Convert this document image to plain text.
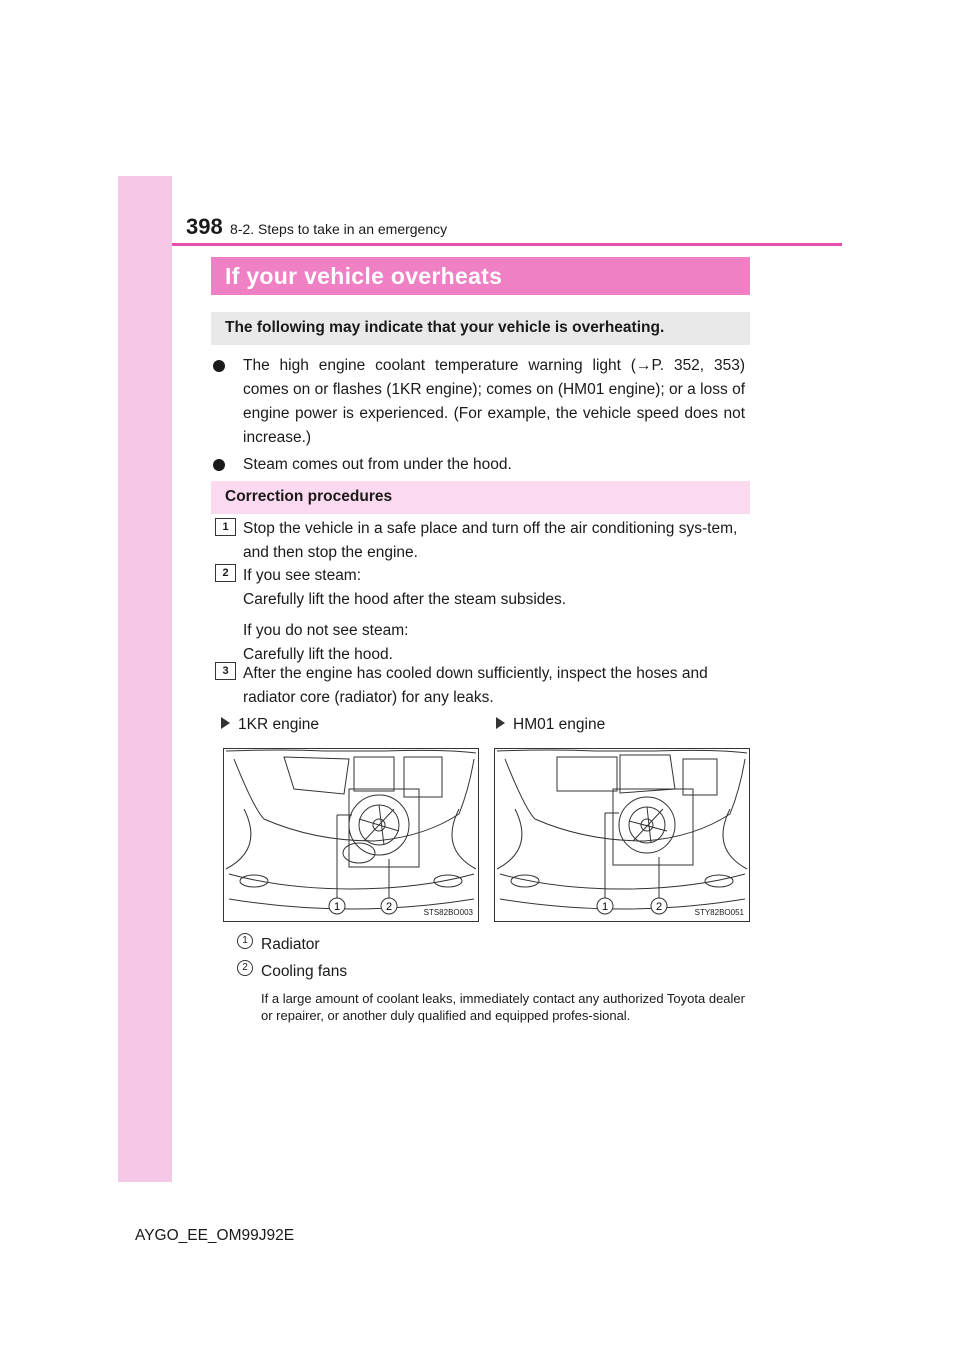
398 8-2. Steps to take in an emergency
If your vehicle overheats
The following may indicate that your vehicle is overheating.
The high engine coolant temperature warning light (→P. 352, 353) comes on or flashes (1KR engine); comes on (HM01 engine); or a loss of engine power is experienced. (For example, the vehicle speed does not increase.)
Steam comes out from under the hood.
Correction procedures
1 Stop the vehicle in a safe place and turn off the air conditioning sys-tem, and then stop the engine.
2 If you see steam:
Carefully lift the hood after the steam subsides.
If you do not see steam:
Carefully lift the hood.
3 After the engine has cooled down sufficiently, inspect the hoses and radiator core (radiator) for any leaks.
1KR engine	HM01 engine
1	2	STS82BO003	1	2	STY82BO051
1 Radiator
2 Cooling fans
If a large amount of coolant leaks, immediately contact any authorized Toyota dealer or repairer, or another duly qualified and equipped profes-sional.
AYGO_EE_OM99J92E
